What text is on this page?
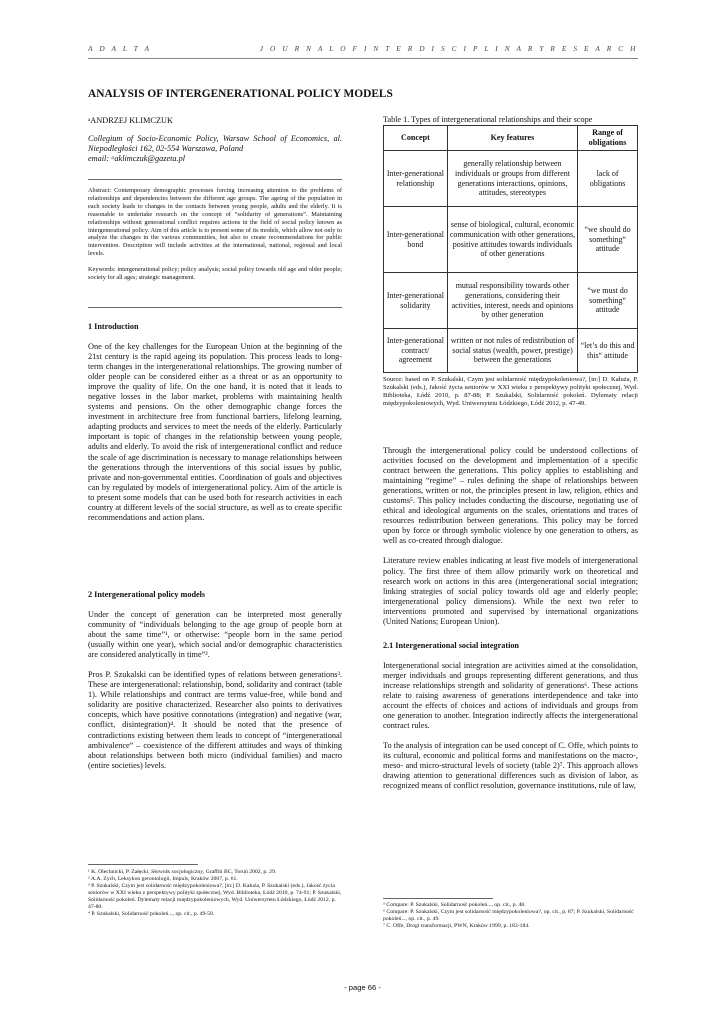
A D A L T A	J O U R N A L O F I N T E R D I S C I P L I N A R Y R E S E A R C H
ANALYSIS OF INTERGENERATIONAL POLICY MODELS
ᵃANDRZEJ KLIMCZUK

Collegium of Socio-Economic Policy, Warsaw School of Economics, al. Niepodległości 162, 02-554 Warszawa, Poland

email: ᵃaklimczuk@gazeta.pl

Abstract: Contemporary demographic processes forcing increasing attention to the problems of relationships and dependencies between the different age groups. The ageing of the population in each society leads to changes in the contacts between young people, adults and the elderly. It is reasonable to undertake research on the concept of “solidarity of generations”. Maintaining relationships without generational conflict requires actions in the field of social policy known as intergenerational policy. Aim of this article is to present some of its models, which allow not only to analyze the changes in the various communities, but also to create recommendations for public intervention. Description will include activities at the international, national, regional and local levels.

Keywords: intergenerational policy; policy analysis; social policy towards old age and older people; society for all ages; strategic management.

1 Introduction

One of the key challenges for the European Union at the beginning of the 21st century is the rapid ageing its population. This process leads to long-term changes in the intergenerational relationships. The growing number of older people can be considered either as a threat or as an opportunity to improve the quality of life. On the one hand, it is noted that it leads to negative losses in the labor market, problems with maintaining health systems and pensions. On the other demographic change forces the investment in architecture free from functional barriers, lifelong learning, adapting products and services to meet the needs of the elderly. Particularly important is topic of changes in the relationship between young people, adults and elderly. To avoid the risk of intergenerational conflict and reduce the scale of age discrimination is necessary to manage relationships between the generations through the interventions of this social issues by public, private and non-governmental entities. Coordination of goals and objectives can by regulated by models of intergenerational policy. Aim of the article is to present some models that can be used both for research activities in each country at different levels of the social structure, as well as to create specific recommendations and action plans.

2 Intergenerational policy models

Under the concept of generation can be interpreted most generally community of “individuals belonging to the age group of people born at about the same time”¹, or otherwise: “people born in the same period (usually within one year), which social and/or demographic characteristics are considered analytically in time”².

Pros P. Szukalski can be identified types of relations between generations³. These are intergenerational: relationship, bond, solidarity and contract (table 1). While relationships and contract are terms value-free, while bond and solidarity are positive characterized. Researcher also points to derivatives concepts, which have positive connotations (integration) and negative (war, conflict, disintegration)⁴. It should be noted that the presence of contradictions existing between them leads to concept of “intergenerational ambivalence” – coexistence of the different attitudes and ways of thinking about relationships between both micro (individual families) and macro (entire societies) levels.

¹ K. Olechnicki, P. Załęcki, Słownik socjologiczny, Graffiti BC, Toruń 2002, p. 29.

² A.A. Zych, Leksykon gerontologii, Impuls, Kraków 2007, p. 61.

³ P. Szukalski, Czym jest solidarność międzypokoleniowa?, [in:] D. Kałuża, P. Szukalski (eds.), Jakość życia seniorów w XXI wieku z perspektywy polityki społecznej, Wyd. Biblioteka, Łódź 2010, p. 74-91; P. Szukalski, Solidarność pokoleń. Dylematy relacji międzypokoleniowych, Wyd. Uniwersytetu Łódzkiego, Łódź 2012, p. 47-80.

⁴ P. Szukalski, Solidarność pokoleń..., op. cit., p. 49-50.

Table 1. Types of intergenerational relationships and their scope
Concept	Key features	Range of obligations
Inter-generational relationship	generally relationship between individuals or groups from different generations interactions, opinions, attitudes, stereotypes	lack of obligations
Inter-generational bond	sense of biological, cultural, economic communication with other generations, positive attitudes towards individuals of other generations	“we should do something“ attitude
Inter-generational solidarity	mutual responsibility towards other generations, considering their activities, interest, needs and opinions by other generation	“we must do something“ attitude
Inter-generational contract/ agreement	written or not rules of redistribution of social status (wealth, power, prestige) between the generations	“let’s do this and this“ attitude

Source: based on P. Szukalski, Czym jest solidarność międzypokoleniowa?, [in:] D. Kałuża, P. Szukalski (eds.), Jakość życia seniorów w XXI wieku z perspektywy polityki społecznej, Wyd. Biblioteka, Łódź 2010, p. 87-88; P. Szukalski, Solidarność pokoleń. Dylematy relacji międzypokoleniowych, Wyd. Uniwersytetu Łódzkiego, Łódź 2012, p. 47-49.

Through the intergenerational policy could be understood collections of activities focused on the development and implementation of a specific contract between the generations. This policy applies to establishing and maintaining “regime” – rules defining the shape of relationships between generations, written or not, the principles present in law, religion, ethics and customs⁵. This policy includes conducting the discourse, negotiating use of ethical and ideological arguments on the scales, orientations and traces of resources redistribution between generations. This policy may be forced upon by force or through symbolic violence by one generation to others, as well as co-created through dialogue.

Literature review enables indicating at least five models of intergenerational policy. The first three of them allow primarily work on theoretical and research work on actions in this area (intergenerational social integration; linking strategies of social policy towards old age and elderly people; intergenerational policy dimensions). While the next two refer to interventions promoted and supervised by international organizations (United Nations; European Union).

2.1 Intergenerational social integration

Intergenerational social integration are activities aimed at the consolidation, merger individuals and groups representing different generations, and thus increase relationships strength and solidarity of generations⁶. These actions relate to raising awareness of generations interdependence and take into account the effects of choices and actions of individuals and groups from one generation to another. Integration indirectly affects the intergenerational contract rules.

To the analysis of integration can be used concept of C. Offe, which points to its cultural, economic and political forms and manifestations on the macro-, meso- and micro-structural levels of society (table 2)⁷. This approach allows drawing attention to generational differences such as division of labor, as recognized means of conflict resolution, governance institutions, rule of law,

⁵ Compare: P. Szukalski, Solidarność pokoleń..., op. cit., p. 48.

⁶ Compare: P. Szukalski, Czym jest solidarność międzypokoleniowa?, op. cit., p. 87; P. Szukalski, Solidarność pokoleń..., op. cit., p. 49.

⁷ C. Offe, Drogi transformacji, PWN, Kraków 1999, p. 183-184.

- page 66 -
